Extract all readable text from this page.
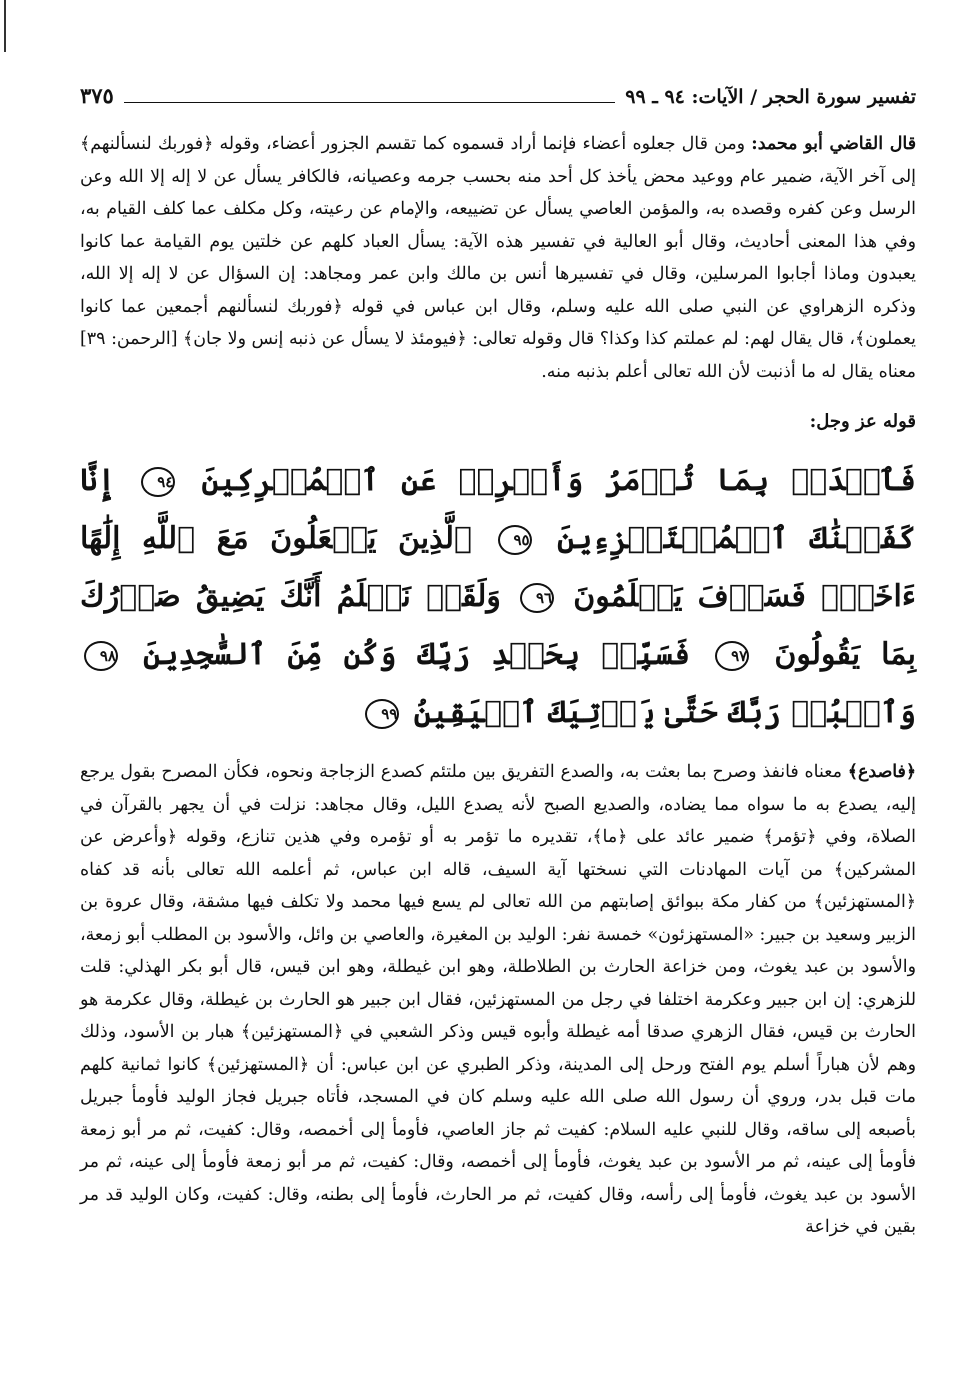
تفسير سورة الحجر / الآيات: ٩٤ ـ ٩٩
٣٧٥

قال القاضي أبو محمد: ومن قال جعلوه أعضاء فإنما أراد قسموه كما تقسم الجزور أعضاء، وقوله ﴿فوربك لنسألنهم﴾ إلى آخر الآية، ضمير عام ووعيد محض يأخذ كل أحد منه بحسب جرمه وعصيانه، فالكافر يسأل عن لا إله إلا الله وعن الرسل وعن كفره وقصده به، والمؤمن العاصي يسأل عن تضييعه، والإمام عن رعيته، وكل مكلف عما كلف القيام به، وفي هذا المعنى أحاديث، وقال أبو العالية في تفسير هذه الآية: يسأل العباد كلهم عن خلتين يوم القيامة عما كانوا يعبدون وماذا أجابوا المرسلين، وقال في تفسيرها أنس بن مالك وابن عمر ومجاهد: إن السؤال عن لا إله إلا الله، وذكره الزهراوي عن النبي صلى الله عليه وسلم، وقال ابن عباس في قوله ﴿فوربك لنسألنهم أجمعين عما كانوا يعملون﴾، قال يقال لهم: لم عملتم كذا وكذا؟ قال وقوله تعالى: ﴿فيومئذ لا يسأل عن ذنبه إنس ولا جان﴾ [الرحمن: ٣٩] معناه يقال له ما أذنبت لأن الله تعالى أعلم بذنبه منه.

قوله عز وجل:
فَٱصۡدَعۡ بِمَا تُؤۡمَرُ وَأَعۡرِضۡ عَنِ ٱلۡمُشۡرِكِينَ ٩٤ إِنَّا كَفَيۡنَٰكَ ٱلۡمُسۡتَهۡزِءِينَ ٩٥ ٱلَّذِينَ يَجۡعَلُونَ مَعَ ٱللَّهِ إِلَٰهًا ءَاخَرَۚ فَسَوۡفَ يَعۡلَمُونَ ٩٦ وَلَقَدۡ نَعۡلَمُ أَنَّكَ يَضِيقُ صَدۡرُكَ بِمَا يَقُولُونَ ٩٧ فَسَبِّحۡ بِحَمۡدِ رَبِّكَ وَكُن مِّنَ ٱلسَّٰجِدِينَ ٩٨ وَٱعۡبُدۡ رَبَّكَ حَتَّىٰ يَأۡتِيَكَ ٱلۡيَقِينُ ٩٩

﴿فاصدع﴾ معناه فانفذ وصرح بما بعثت به، والصدع التفريق بين ملتئم كصدع الزجاجة ونحوه، فكأن المصرح بقول يرجع إليه، يصدع به ما سواه مما يضاده، والصديع الصبح لأنه يصدع الليل، وقال مجاهد: نزلت في أن يجهر بالقرآن في الصلاة، وفي ﴿تؤمر﴾ ضمير عائد على ﴿ما﴾، تقديره ما تؤمر به أو تؤمره وفي هذين تنازع، وقوله ﴿وأعرض عن المشركين﴾ من آيات المهادنات التي نسختها آية السيف، قاله ابن عباس، ثم أعلمه الله تعالى بأنه قد كفاه ﴿المستهزئين﴾ من كفار مكة ببوائق إصابتهم من الله تعالى لم يسع فيها محمد ولا تكلف فيها مشقة، وقال عروة بن الزبير وسعيد بن جبير: «المستهزئون» خمسة نفر: الوليد بن المغيرة، والعاصي بن وائل، والأسود بن المطلب أبو زمعة، والأسود بن عبد يغوث، ومن خزاعة الحارث بن الطلاطلة، وهو ابن غيطلة، وهو ابن قيس، قال أبو بكر الهذلي: قلت للزهري: إن ابن جبير وعكرمة اختلفا في رجل من المستهزئين، فقال ابن جبير هو الحارث بن غيطلة، وقال عكرمة هو الحارث بن قيس، فقال الزهري صدقا أمه غيطلة وأبوه قيس وذكر الشعبي في ﴿المستهزئين﴾ هبار بن الأسود، وذلك وهم لأن هباراً أسلم يوم الفتح ورحل إلى المدينة، وذكر الطبري عن ابن عباس: أن ﴿المستهزئين﴾ كانوا ثمانية كلهم مات قبل بدر، وروي أن رسول الله صلى الله عليه وسلم كان في المسجد، فأتاه جبريل فجاز الوليد فأومأ جبريل بأصبعه إلى ساقه، وقال للنبي عليه السلام: كفيت ثم جاز العاصي، فأومأ إلى أخمصه، وقال: كفيت، ثم مر أبو زمعة فأومأ إلى عينه، ثم مر الأسود بن عبد يغوث، فأومأ إلى أخمصه، وقال: كفيت، ثم مر أبو زمعة فأومأ إلى عينه، ثم مر الأسود بن عبد يغوث، فأومأ إلى رأسه، وقال كفيت، ثم مر الحارث، فأومأ إلى بطنه، وقال: كفيت، وكان الوليد قد مر بقين في خزاعة
